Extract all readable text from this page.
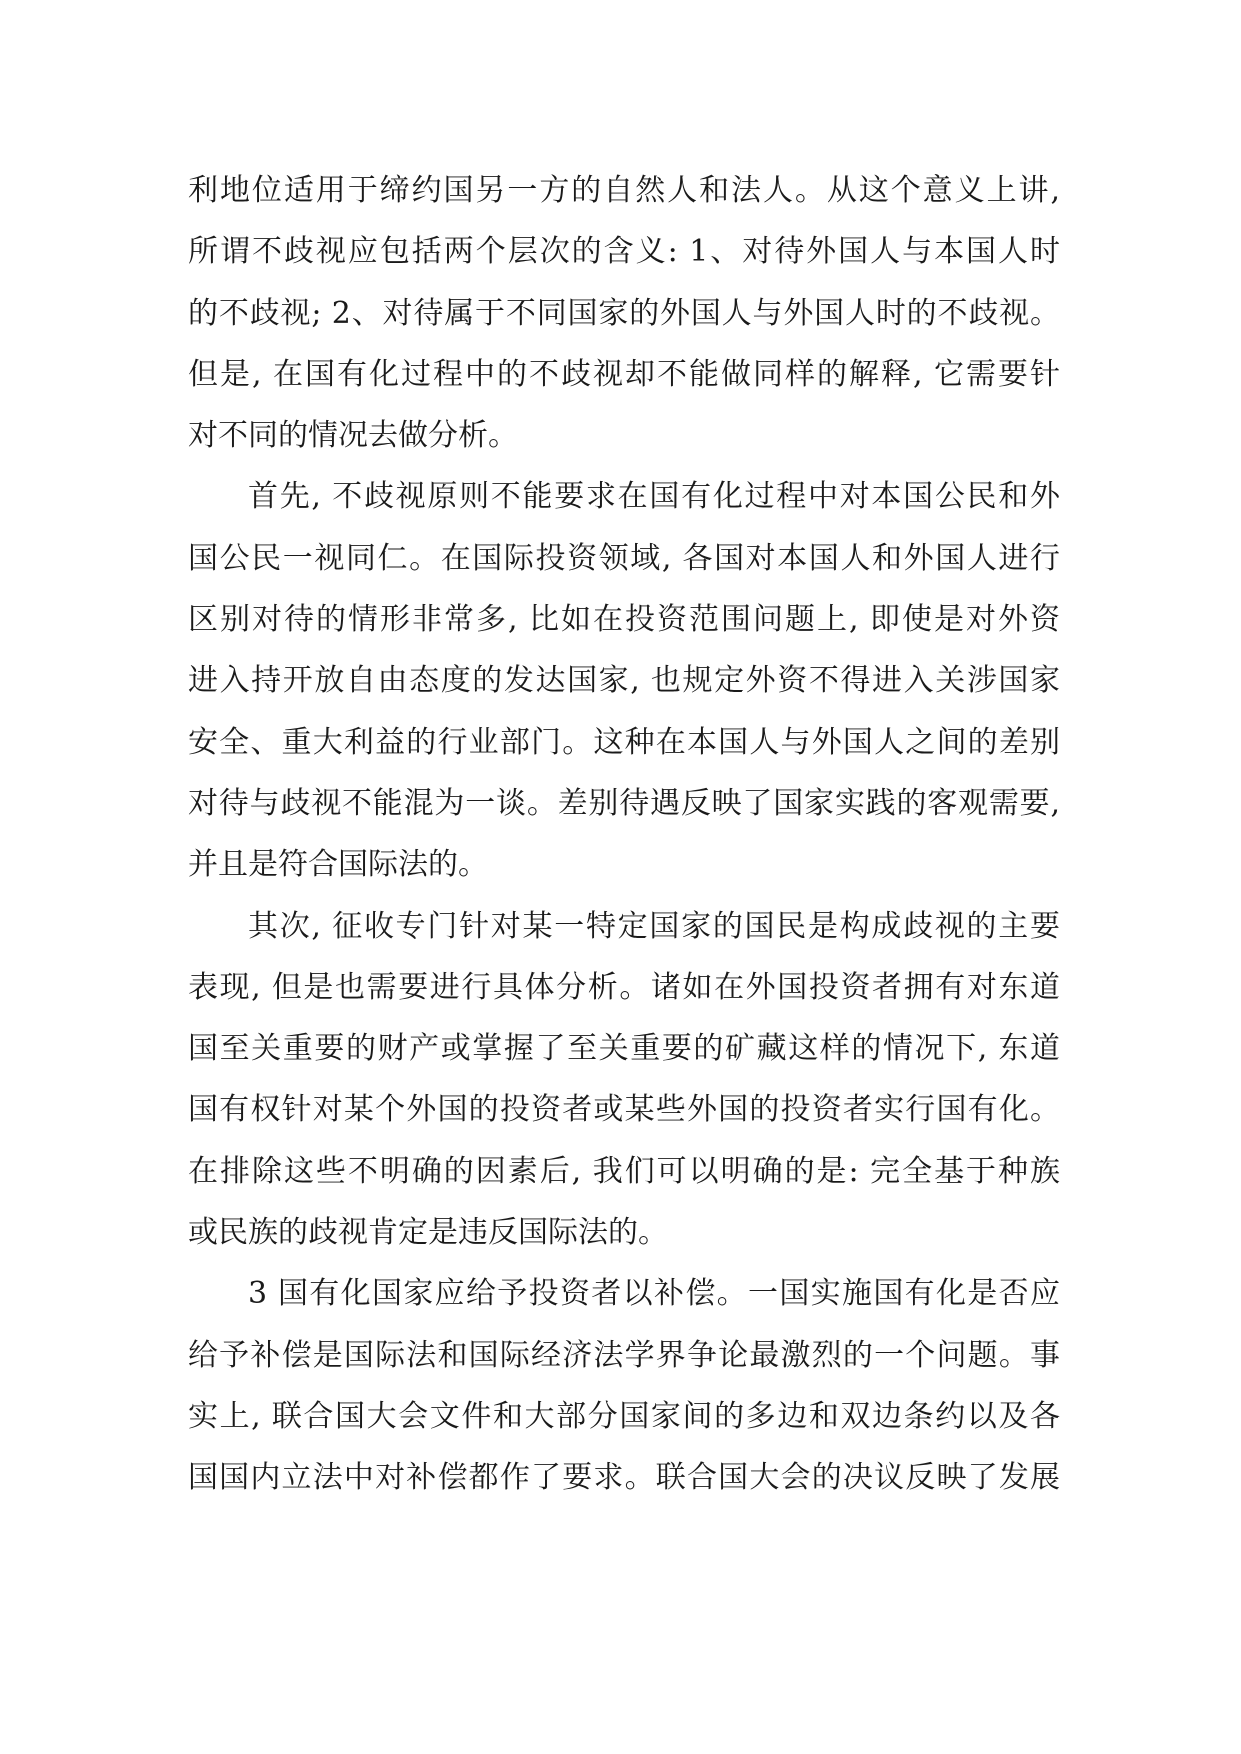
利地位适用于缔约国另一方的自然人和法人。从这个意义上讲,
所谓不歧视应包括两个层次的含义: 1、对待外国人与本国人时
的不歧视; 2、对待属于不同国家的外国人与外国人时的不歧视。
但是, 在国有化过程中的不歧视却不能做同样的解释, 它需要针
对不同的情况去做分析。
首先, 不歧视原则不能要求在国有化过程中对本国公民和外
国公民一视同仁。在国际投资领域, 各国对本国人和外国人进行
区别对待的情形非常多, 比如在投资范围问题上, 即使是对外资
进入持开放自由态度的发达国家, 也规定外资不得进入关涉国家
安全、重大利益的行业部门。这种在本国人与外国人之间的差别
对待与歧视不能混为一谈。差别待遇反映了国家实践的客观需要,
并且是符合国际法的。
其次, 征收专门针对某一特定国家的国民是构成歧视的主要
表现, 但是也需要进行具体分析。诸如在外国投资者拥有对东道
国至关重要的财产或掌握了至关重要的矿藏这样的情况下, 东道
国有权针对某个外国的投资者或某些外国的投资者实行国有化。
在排除这些不明确的因素后, 我们可以明确的是: 完全基于种族
或民族的歧视肯定是违反国际法的。
3 国有化国家应给予投资者以补偿。一国实施国有化是否应
给予补偿是国际法和国际经济法学界争论最激烈的一个问题。事
实上, 联合国大会文件和大部分国家间的多边和双边条约以及各
国国内立法中对补偿都作了要求。联合国大会的决议反映了发展
